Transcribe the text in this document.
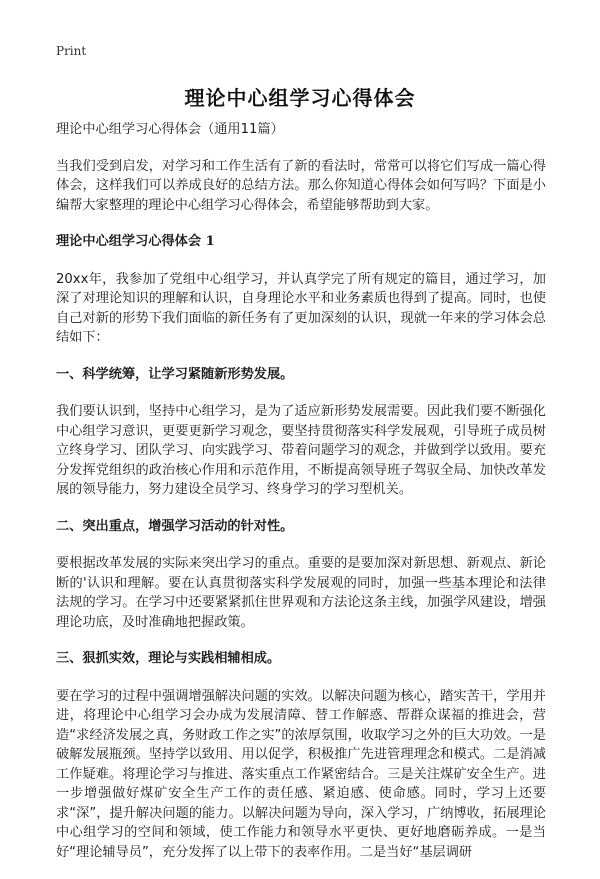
Print
理论中心组学习心得体会

理论中心组学习心得体会（通用11篇）

当我们受到启发，对学习和工作生活有了新的看法时，常常可以将它们写成一篇心得体会，这样我们可以养成良好的总结方法。那么你知道心得体会如何写吗？下面是小编帮大家整理的理论中心组学习心得体会，希望能够帮助到大家。

理论中心组学习心得体会 1

20xx年，我参加了党组中心组学习，并认真学完了所有规定的篇目，通过学习，加深了对理论知识的理解和认识，自身理论水平和业务素质也得到了提高。同时，也使自己对新的形势下我们面临的新任务有了更加深刻的认识，现就一年来的学习体会总结如下：

一、科学统筹，让学习紧随新形势发展。

我们要认识到，坚持中心组学习，是为了适应新形势发展需要。因此我们要不断强化中心组学习意识，更要更新学习观念，要坚持贯彻落实科学发展观，引导班子成员树立终身学习、团队学习、向实践学习、带着问题学习的观念，并做到学以致用。要充分发挥党组织的政治核心作用和示范作用，不断提高领导班子驾驭全局、加快改革发展的领导能力，努力建设全员学习、终身学习的学习型机关。

二、突出重点，增强学习活动的针对性。

要根据改革发展的实际来突出学习的重点。重要的是要加深对新思想、新观点、新论断的'认识和理解。要在认真贯彻落实科学发展观的同时，加强一些基本理论和法律法规的学习。在学习中还要紧紧抓住世界观和方法论这条主线，加强学风建设，增强理论功底，及时准确地把握政策。

三、狠抓实效，理论与实践相辅相成。

要在学习的过程中强调增强解决问题的实效。以解决问题为核心，踏实苦干，学用并进，将理论中心组学习会办成为发展清障、替工作解惑、帮群众谋福的推进会，营造“求经济发展之真，务财政工作之实”的浓厚氛围，收取学习之外的巨大功效。一是破解发展瓶颈。坚持学以致用、用以促学，积极推广先进管理理念和模式。二是消减工作疑难。将理论学习与推进、落实重点工作紧密结合。三是关注煤矿安全生产。进一步增强做好煤矿安全生产工作的责任感、紧迫感、使命感。同时，学习上还要求“深”，提升解决问题的能力。以解决问题为导向，深入学习，广纳博收，拓展理论中心组学习的空间和领域，使工作能力和领导水平更快、更好地磨砺养成。一是当好“理论辅导员”，充分发挥了以上带下的表率作用。二是当好“基层调研
